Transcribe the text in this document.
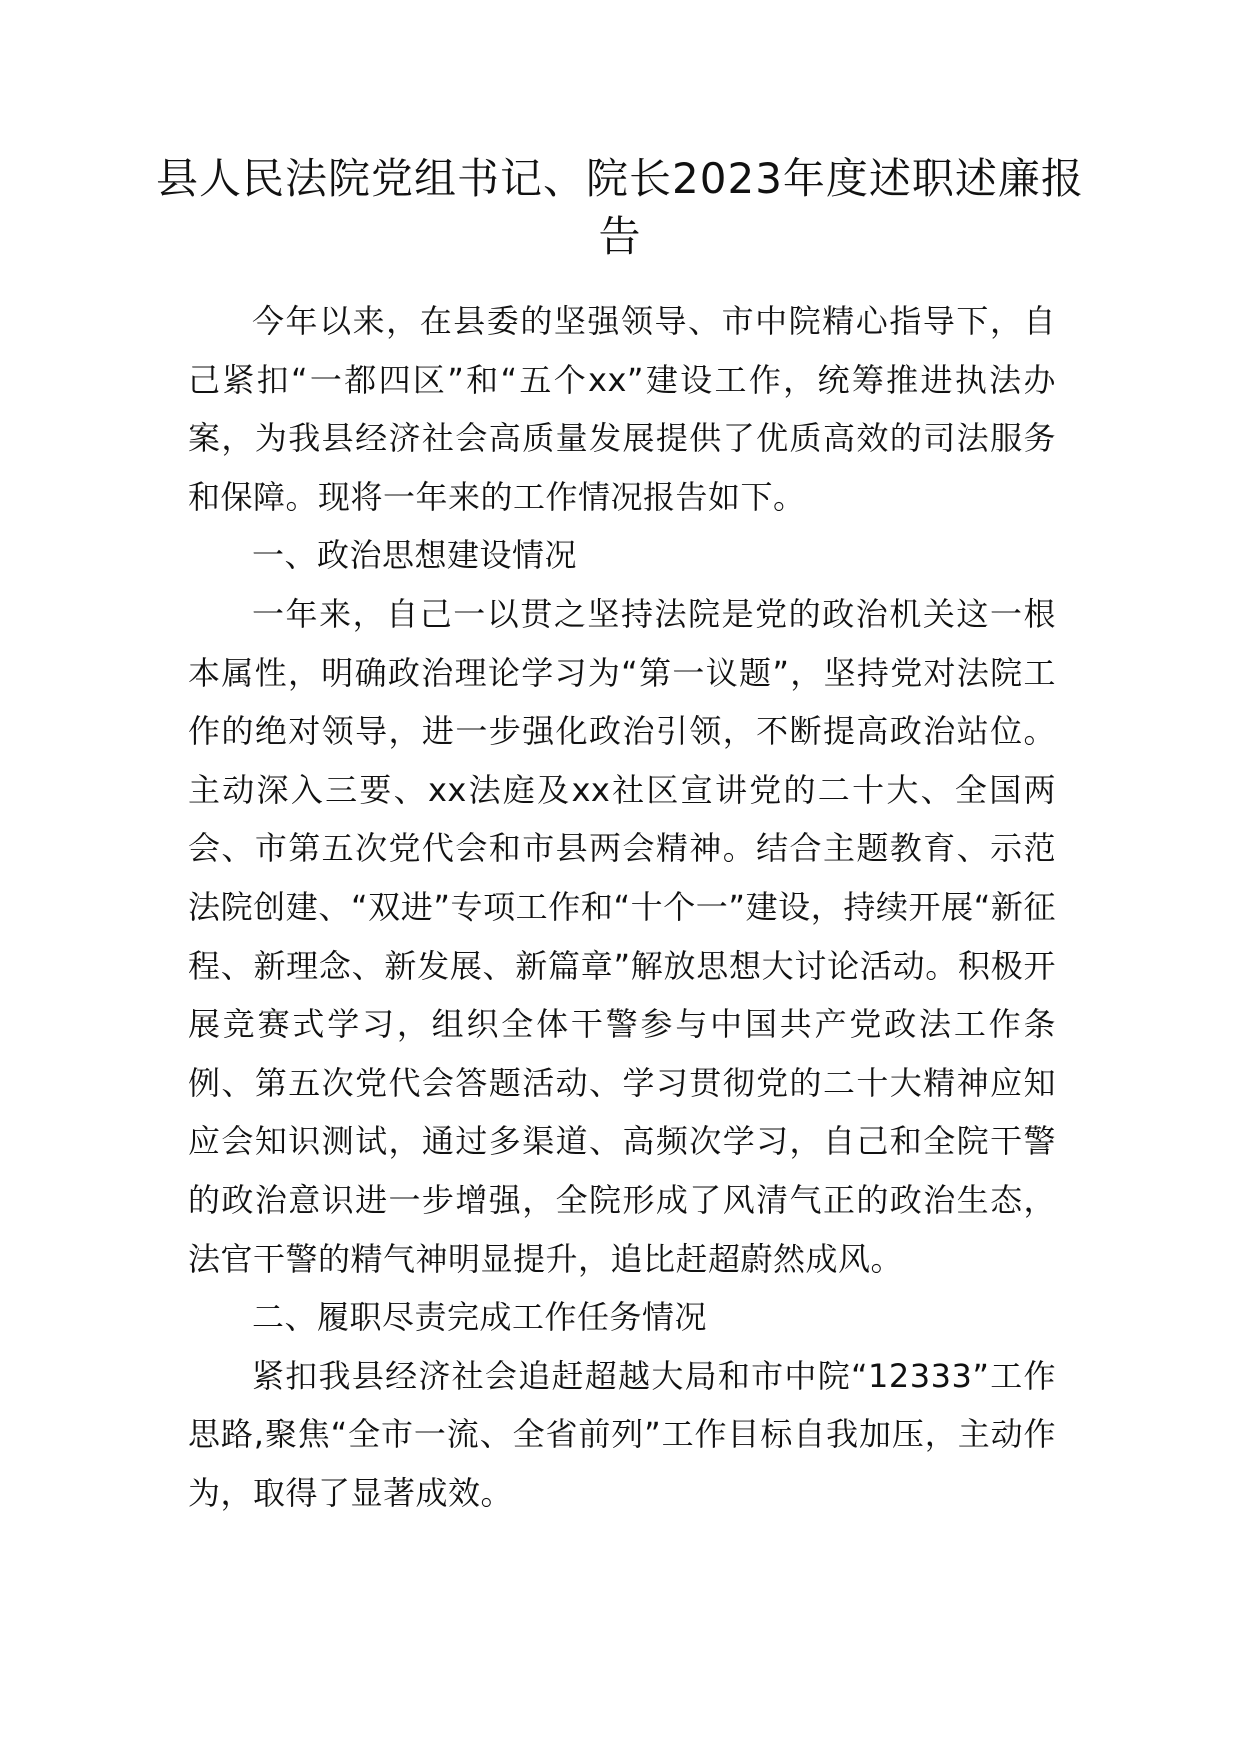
县人民法院党组书记、院长2023年度述职述廉报告

今年以来，在县委的坚强领导、市中院精心指导下，自己紧扣“一都四区”和“五个xx”建设工作，统筹推进执法办案，为我县经济社会高质量发展提供了优质高效的司法服务和保障。现将一年来的工作情况报告如下。

一、政治思想建设情况

一年来，自己一以贯之坚持法院是党的政治机关这一根本属性，明确政治理论学习为“第一议题”，坚持党对法院工作的绝对领导，进一步强化政治引领，不断提高政治站位。主动深入三要、xx法庭及xx社区宣讲党的二十大、全国两会、市第五次党代会和市县两会精神。结合主题教育、示范法院创建、“双进”专项工作和“十个一”建设，持续开展“新征程、新理念、新发展、新篇章”解放思想大讨论活动。积极开展竞赛式学习，组织全体干警参与中国共产党政法工作条例、第五次党代会答题活动、学习贯彻党的二十大精神应知应会知识测试，通过多渠道、高频次学习，自己和全院干警的政治意识进一步增强，全院形成了风清气正的政治生态，法官干警的精气神明显提升，追比赶超蔚然成风。

二、履职尽责完成工作任务情况

紧扣我县经济社会追赶超越大局和市中院“12333”工作思路,聚焦“全市一流、全省前列”工作目标自我加压，主动作为，取得了显著成效。
